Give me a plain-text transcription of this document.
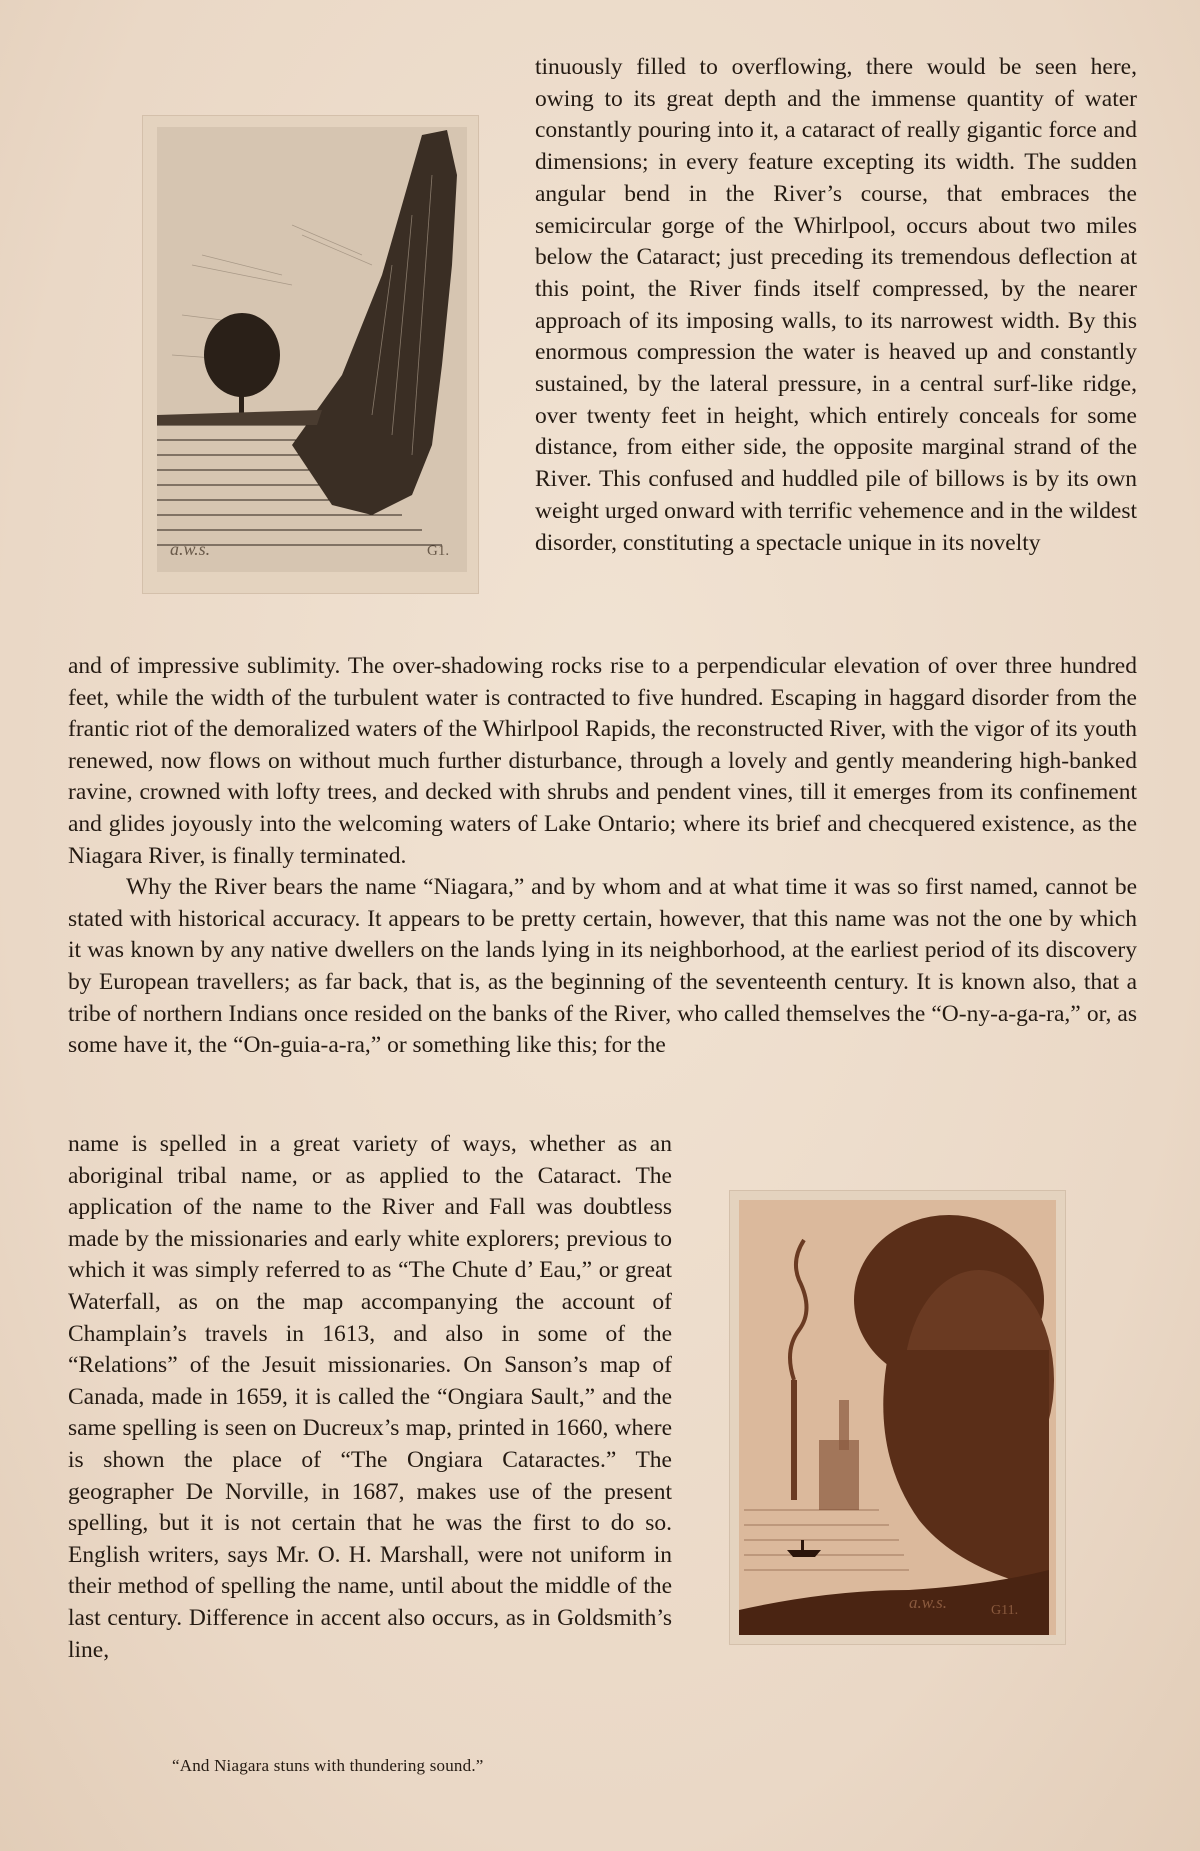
a.w.s.	G1.

tinuously filled to overflowing, there would be seen here, owing to its great depth and the immense quantity of water constantly pouring into it, a cataract of really gigantic force and dimensions; in every feature excepting its width. The sudden angular bend in the River’s course, that embraces the semicircular gorge of the Whirlpool, occurs about two miles below the Cataract; just preceding its tremendous deflection at this point, the River finds itself compressed, by the nearer approach of its imposing walls, to its narrowest width. By this enormous compression the water is heaved up and constantly sustained, by the lateral pressure, in a central surf-like ridge, over twenty feet in height, which entirely conceals for some distance, from either side, the opposite marginal strand of the River. This confused and huddled pile of billows is by its own weight urged onward with terrific vehemence and in the wildest disorder, constituting a spectacle unique in its novelty

and of impressive sublimity. The over-shadowing rocks rise to a perpendicular elevation of over three hundred feet, while the width of the turbulent water is contracted to five hundred. Escaping in haggard disorder from the frantic riot of the demoralized waters of the Whirlpool Rapids, the reconstructed River, with the vigor of its youth renewed, now flows on without much further disturbance, through a lovely and gently meandering high-banked ravine, crowned with lofty trees, and decked with shrubs and pendent vines, till it emerges from its confinement and glides joyously into the welcoming waters of Lake Ontario; where its brief and checquered existence, as the Niagara River, is finally terminated.

Why the River bears the name “Niagara,” and by whom and at what time it was so first named, cannot be stated with historical accuracy. It appears to be pretty certain, however, that this name was not the one by which it was known by any native dwellers on the lands lying in its neighborhood, at the earliest period of its discovery by European travellers; as far back, that is, as the beginning of the seventeenth century. It is known also, that a tribe of northern Indians once resided on the banks of the River, who called themselves the “O-ny-a-ga-ra,” or, as some have it, the “On-guia-a-ra,” or something like this; for the

name is spelled in a great variety of ways, whether as an aboriginal tribal name, or as applied to the Cataract. The application of the name to the River and Fall was doubtless made by the missionaries and early white explorers; previous to which it was simply referred to as “The Chute d’ Eau,” or great Waterfall, as on the map accompanying the account of Champlain’s travels in 1613, and also in some of the “Relations” of the Jesuit missionaries. On Sanson’s map of Canada, made in 1659, it is called the “Ongiara Sault,” and the same spelling is seen on Ducreux’s map, printed in 1660, where is shown the place of “The Ongiara Cataractes.” The geographer De Norville, in 1687, makes use of the present spelling, but it is not certain that he was the first to do so. English writers, says Mr. O. H. Marshall, were not uniform in their method of spelling the name, until about the middle of the last century. Difference in accent also occurs, as in Goldsmith’s line,

a.w.s.	G11.
“And Niagara stuns with thundering sound.”
